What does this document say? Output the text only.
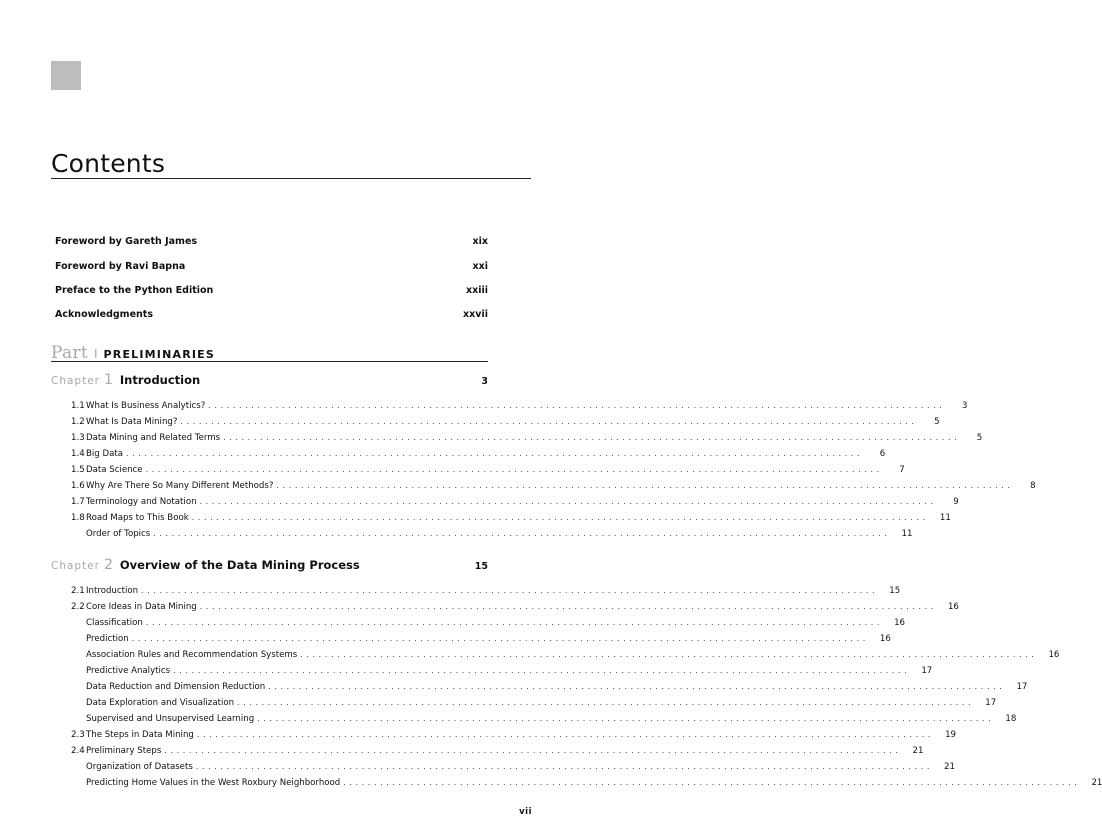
Contents
Foreword by Gareth James	xix
Foreword by Ravi Bapna	xxi
Preface to the Python Edition	xxiii
Acknowledgments	xxvii
Part I PRELIMINARIES
Chapter 1 Introduction	3
1.1 What Is Business Analytics? ........................................................................................................................	3
1.2 What Is Data Mining? ........................................................................................................................	5
1.3 Data Mining and Related Terms ........................................................................................................................	5
1.4 Big Data ........................................................................................................................	6
1.5 Data Science ........................................................................................................................	7
1.6 Why Are There So Many Different Methods? ........................................................................................................................	8
1.7 Terminology and Notation ........................................................................................................................	9
1.8 Road Maps to This Book ........................................................................................................................	11
Order of Topics ........................................................................................................................	11
Chapter 2 Overview of the Data Mining Process	15
2.1 Introduction ........................................................................................................................	15
2.2 Core Ideas in Data Mining ........................................................................................................................	16
Classification ........................................................................................................................	16
Prediction ........................................................................................................................	16
Association Rules and Recommendation Systems ........................................................................................................................	16
Predictive Analytics ........................................................................................................................	17
Data Reduction and Dimension Reduction ........................................................................................................................	17
Data Exploration and Visualization ........................................................................................................................	17
Supervised and Unsupervised Learning ........................................................................................................................	18
2.3 The Steps in Data Mining ........................................................................................................................	19
2.4 Preliminary Steps ........................................................................................................................	21
Organization of Datasets ........................................................................................................................	21
Predicting Home Values in the West Roxbury Neighborhood ........................................................................................................................	21
vii
